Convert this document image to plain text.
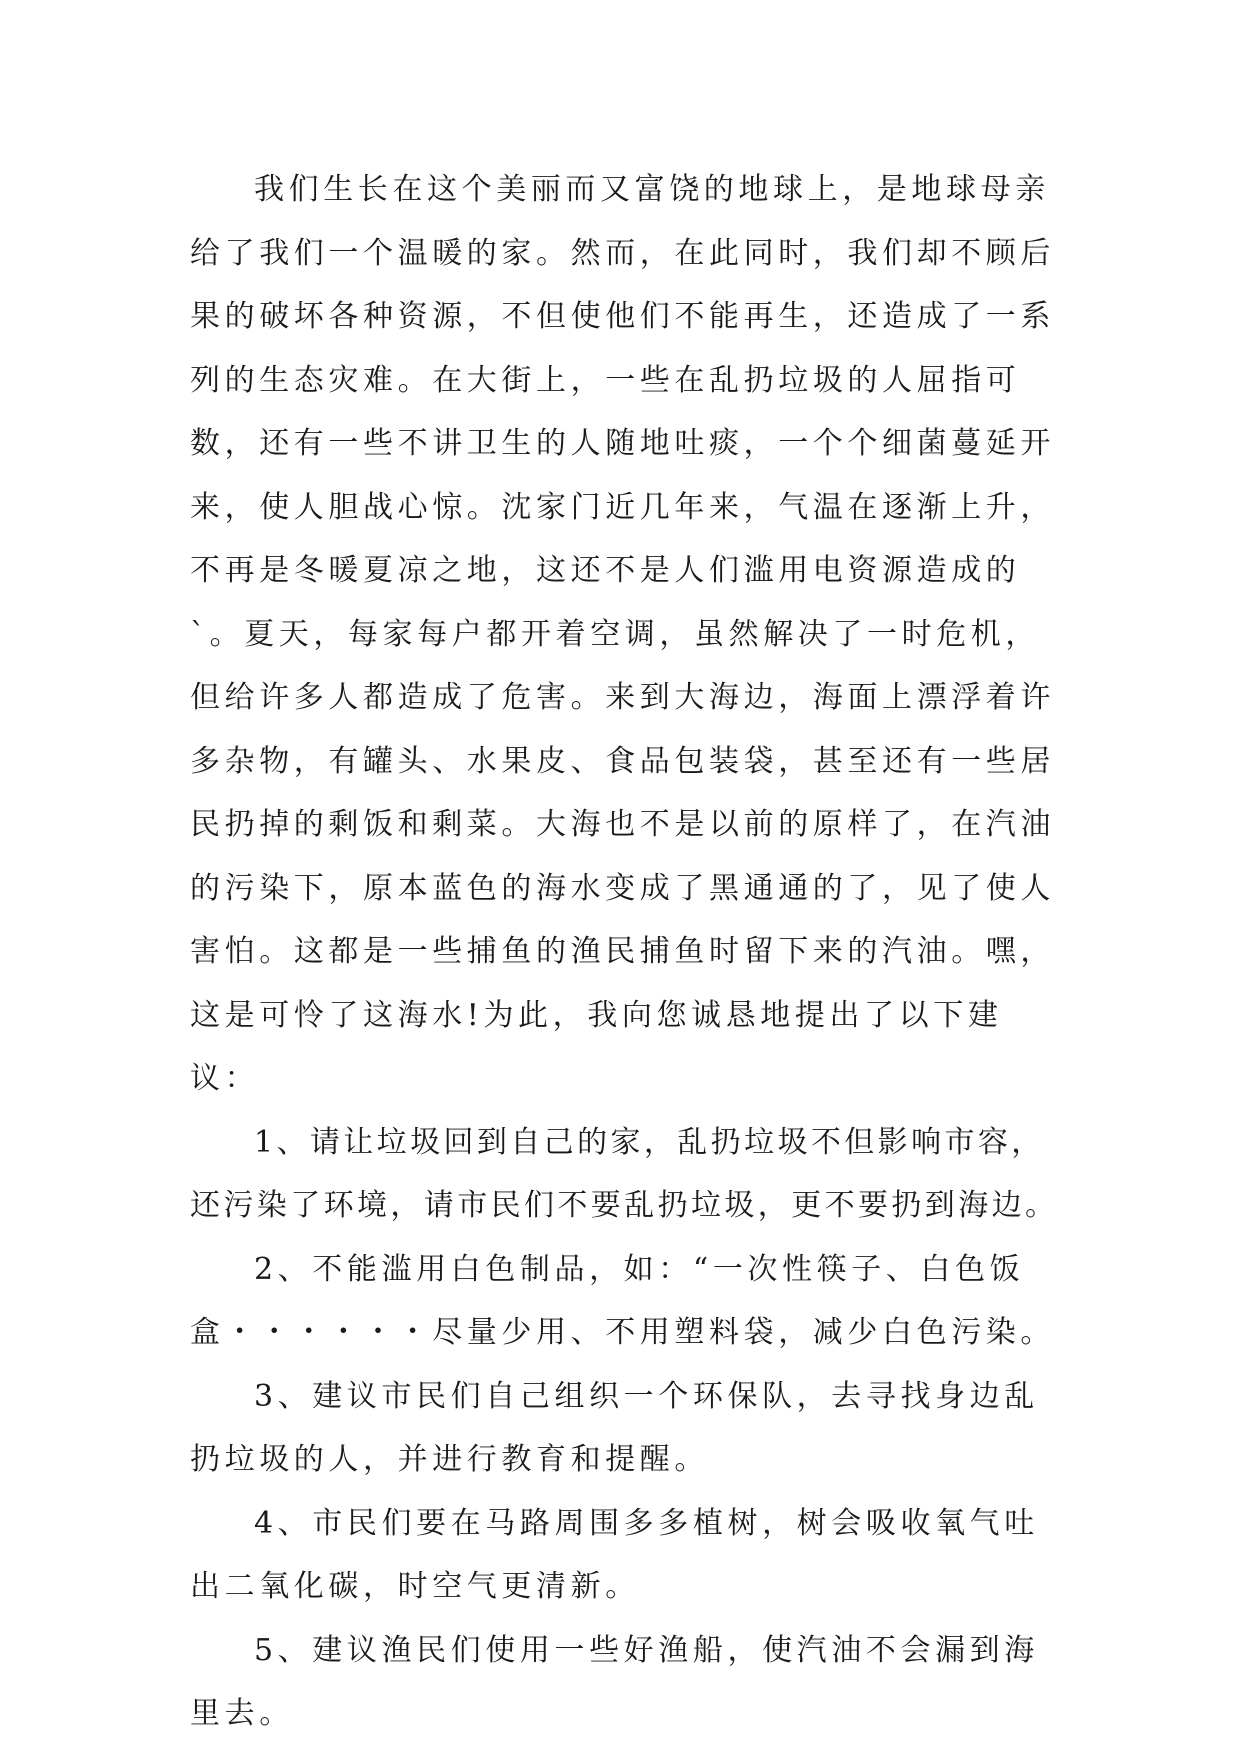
我们生长在这个美丽而又富饶的地球上，是地球母亲给了我们一个温暖的家。然而，在此同时，我们却不顾后果的破坏各种资源，不但使他们不能再生，还造成了一系列的生态灾难。在大街上，一些在乱扔垃圾的人屈指可数，还有一些不讲卫生的人随地吐痰，一个个细菌蔓延开来，使人胆战心惊。沈家门近几年来，气温在逐渐上升，不再是冬暖夏凉之地，这还不是人们滥用电资源造成的`。夏天，每家每户都开着空调，虽然解决了一时危机，但给许多人都造成了危害。来到大海边，海面上漂浮着许多杂物，有罐头、水果皮、食品包装袋，甚至还有一些居民扔掉的剩饭和剩菜。大海也不是以前的原样了，在汽油的污染下，原本蓝色的海水变成了黑通通的了，见了使人害怕。这都是一些捕鱼的渔民捕鱼时留下来的汽油。嘿，这是可怜了这海水!为此，我向您诚恳地提出了以下建议：

1、请让垃圾回到自己的家，乱扔垃圾不但影响市容，还污染了环境，请市民们不要乱扔垃圾，更不要扔到海边。

2、不能滥用白色制品，如：“一次性筷子、白色饭盒・・・・・・尽量少用、不用塑料袋，减少白色污染。

3、建议市民们自己组织一个环保队，去寻找身边乱扔垃圾的人，并进行教育和提醒。

4、市民们要在马路周围多多植树，树会吸收氧气吐出二氧化碳，时空气更清新。

5、建议渔民们使用一些好渔船，使汽油不会漏到海里去。
